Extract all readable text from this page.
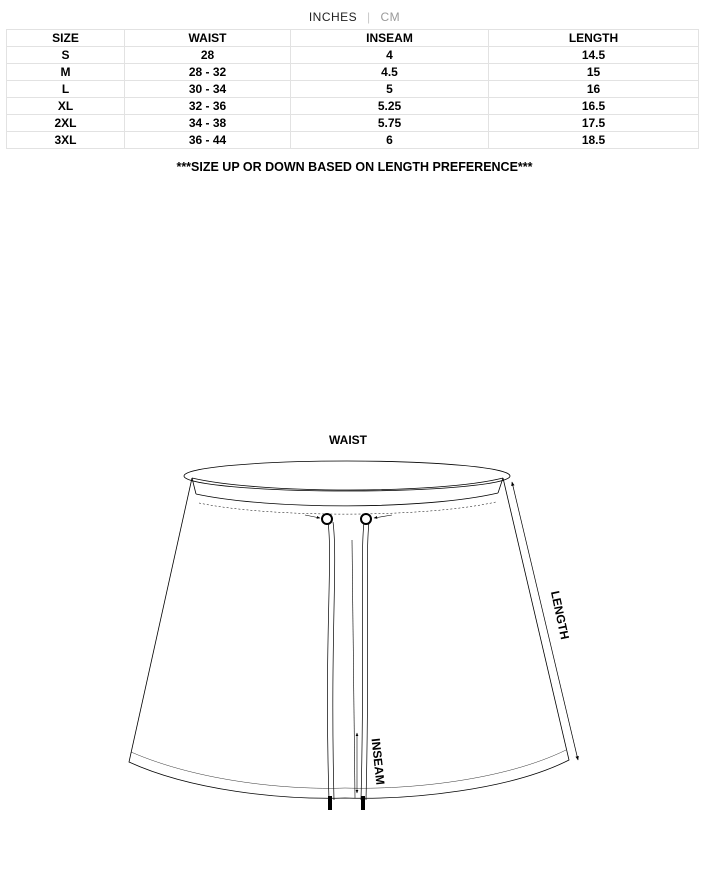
INCHES | CM
SIZE	WAIST	INSEAM	LENGTH
S	28	4	14.5
M	28 - 32	4.5	15
L	30 - 34	5	16
XL	32 - 36	5.25	16.5
2XL	34 - 38	5.75	17.5
3XL	36 - 44	6	18.5
***SIZE UP OR DOWN BASED ON LENGTH PREFERENCE***
WAIST
LENGTH
INSEAM
